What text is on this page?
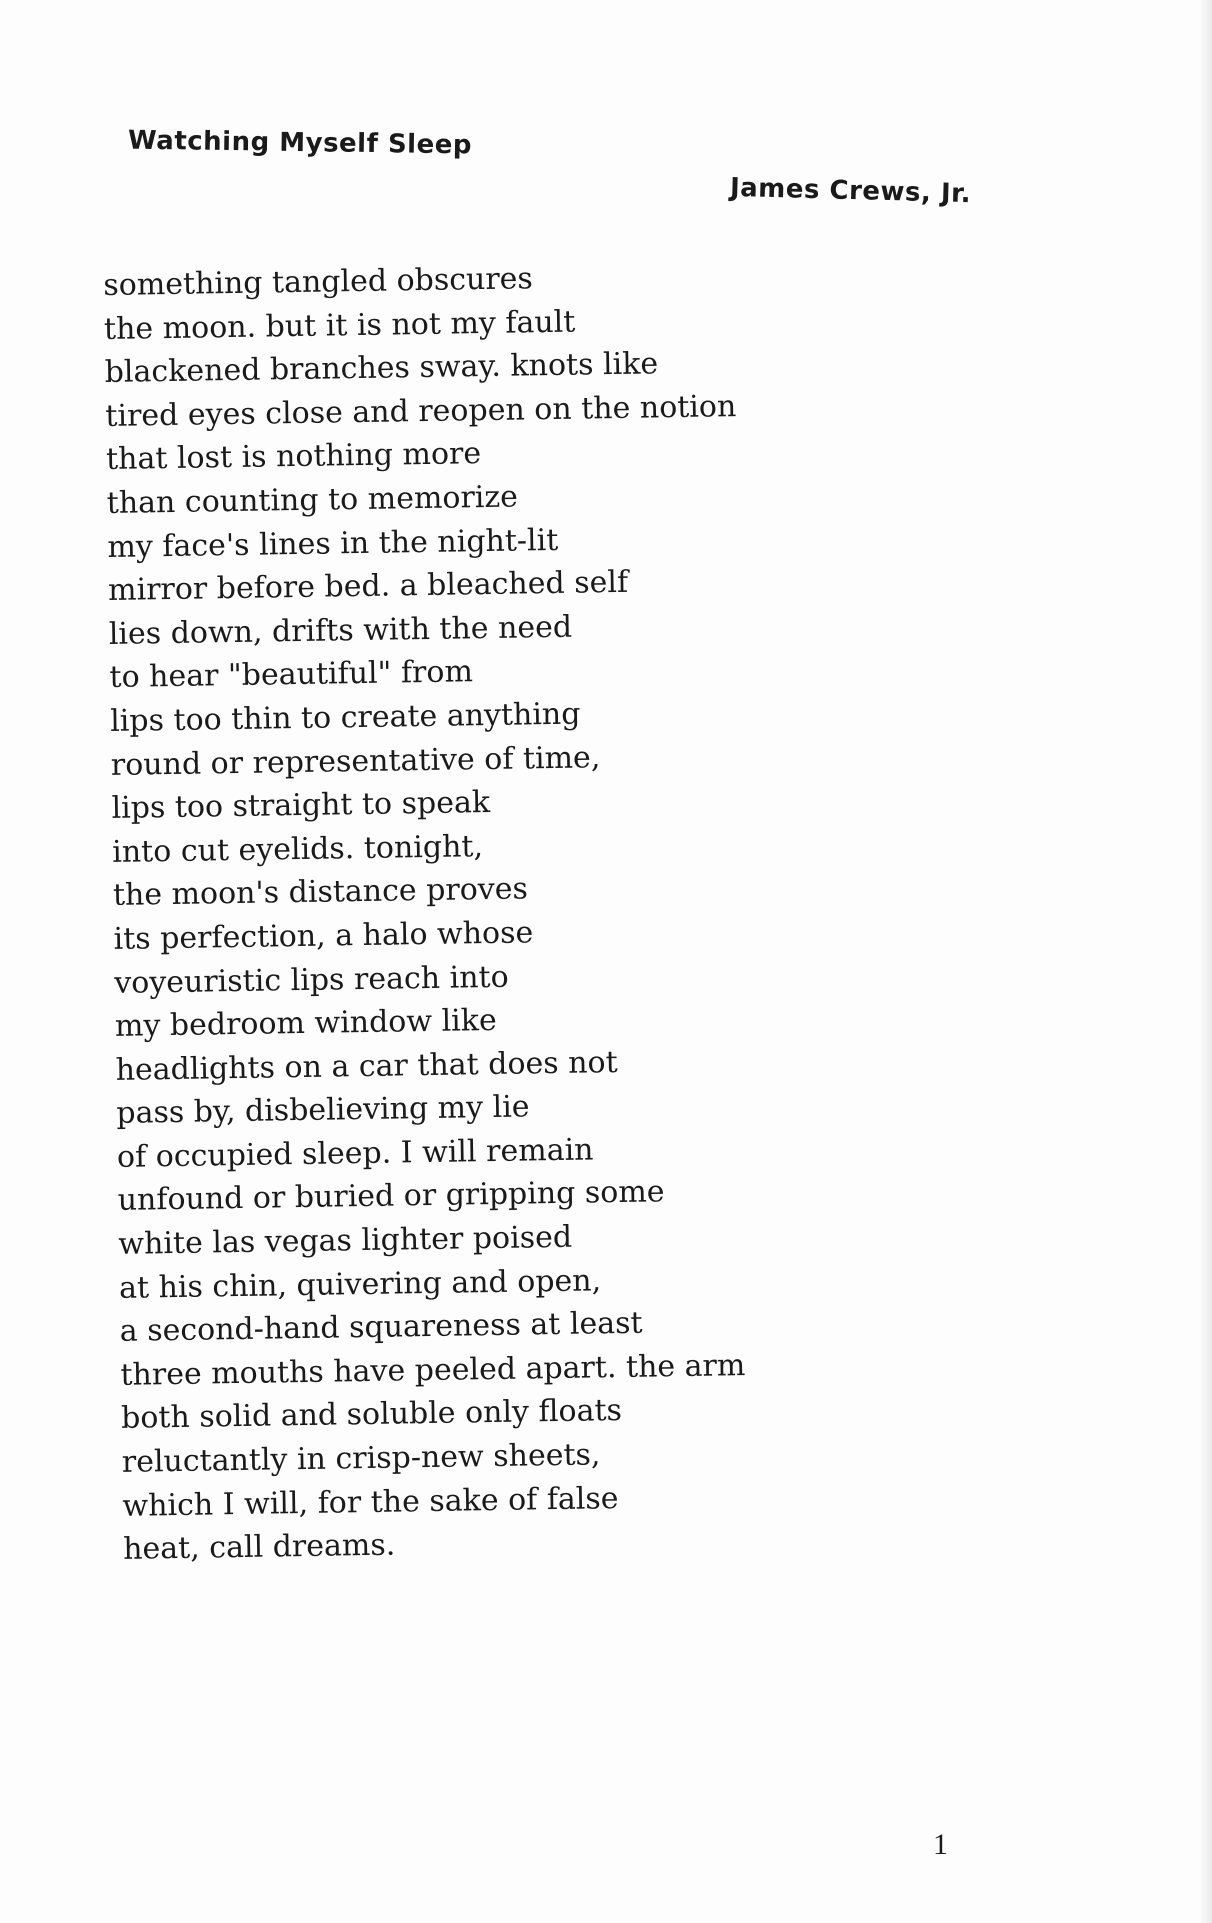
Watching Myself Sleep
James Crews, Jr.
something tangled obscures
the moon. but it is not my fault
blackened branches sway. knots like
tired eyes close and reopen on the notion
that lost is nothing more
than counting to memorize
my face's lines in the night-lit
mirror before bed. a bleached self
lies down, drifts with the need
to hear "beautiful" from
lips too thin to create anything
round or representative of time,
lips too straight to speak
into cut eyelids. tonight,
the moon's distance proves
its perfection, a halo whose
voyeuristic lips reach into
my bedroom window like
headlights on a car that does not
pass by, disbelieving my lie
of occupied sleep. I will remain
unfound or buried or gripping some
white las vegas lighter poised
at his chin, quivering and open,
a second-hand squareness at least
three mouths have peeled apart. the arm
both solid and soluble only floats
reluctantly in crisp-new sheets,
which I will, for the sake of false
heat, call dreams.
1
